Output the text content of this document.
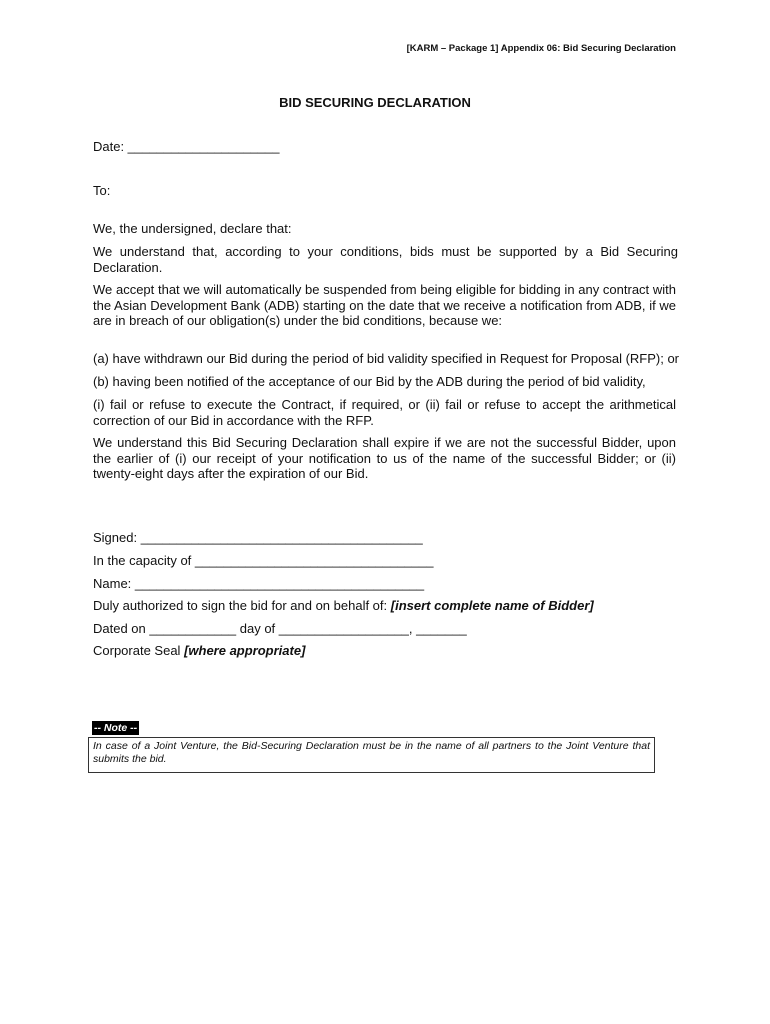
[KARM – Package 1] Appendix 06: Bid Securing Declaration
BID SECURING DECLARATION
Date: _____________________
To:

We, the undersigned, declare that:

We understand that, according to your conditions, bids must be supported by a Bid Securing Declaration.

We accept that we will automatically be suspended from being eligible for bidding in any contract with the Asian Development Bank (ADB) starting on the date that we receive a notification from ADB, if we are in breach of our obligation(s) under the bid conditions, because we:

(a) have withdrawn our Bid during the period of bid validity specified in Request for Proposal (RFP); or

(b) having been notified of the acceptance of our Bid by the ADB during the period of bid validity,

(i) fail or refuse to execute the Contract, if required, or (ii) fail or refuse to accept the arithmetical correction of our Bid in accordance with the RFP.

We understand this Bid Securing Declaration shall expire if we are not the successful Bidder, upon the earlier of (i) our receipt of your notification to us of the name of the successful Bidder; or (ii) twenty-eight days after the expiration of our Bid.

Signed: _______________________________________
In the capacity of _________________________________
Name: ________________________________________
Duly authorized to sign the bid for and on behalf of: [insert complete name of Bidder]
Dated on ____________ day of __________________, _______
Corporate Seal [where appropriate]
-- Note --
In case of a Joint Venture, the Bid-Securing Declaration must be in the name of all partners to the Joint Venture that submits the bid.
